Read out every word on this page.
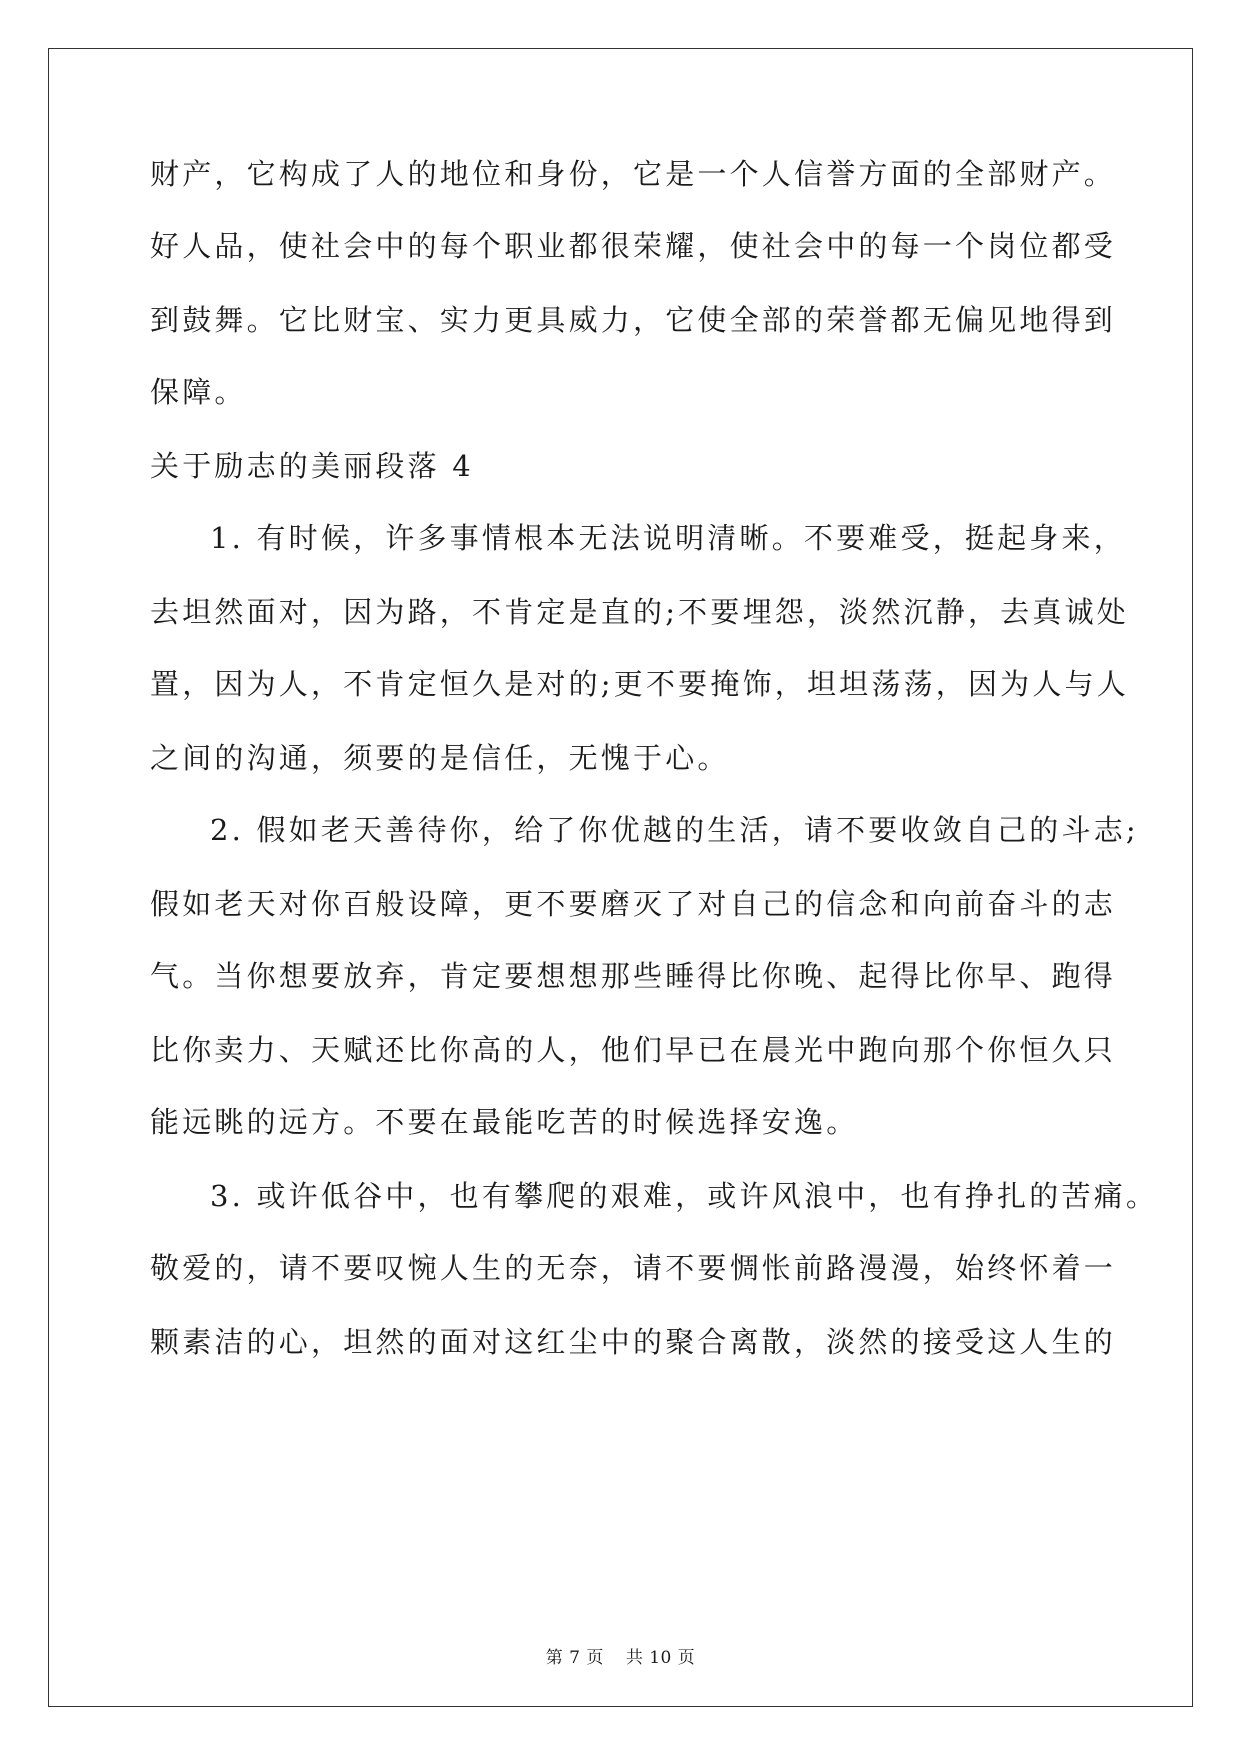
财产，它构成了人的地位和身份，它是一个人信誉方面的全部财产。
好人品，使社会中的每个职业都很荣耀，使社会中的每一个岗位都受
到鼓舞。它比财宝、实力更具威力，它使全部的荣誉都无偏见地得到
保障。
关于励志的美丽段落 4
1. 有时候，许多事情根本无法说明清晰。不要难受，挺起身来，
去坦然面对，因为路，不肯定是直的;不要埋怨，淡然沉静，去真诚处
置，因为人，不肯定恒久是对的;更不要掩饰，坦坦荡荡，因为人与人
之间的沟通，须要的是信任，无愧于心。
2. 假如老天善待你，给了你优越的生活，请不要收敛自己的斗志;
假如老天对你百般设障，更不要磨灭了对自己的信念和向前奋斗的志
气。当你想要放弃，肯定要想想那些睡得比你晚、起得比你早、跑得
比你卖力、天赋还比你高的人，他们早已在晨光中跑向那个你恒久只
能远眺的远方。不要在最能吃苦的时候选择安逸。
3. 或许低谷中，也有攀爬的艰难，或许风浪中，也有挣扎的苦痛。
敬爱的，请不要叹惋人生的无奈，请不要惆怅前路漫漫，始终怀着一
颗素洁的心，坦然的面对这红尘中的聚合离散，淡然的接受这人生的
第 7 页 共 10 页
